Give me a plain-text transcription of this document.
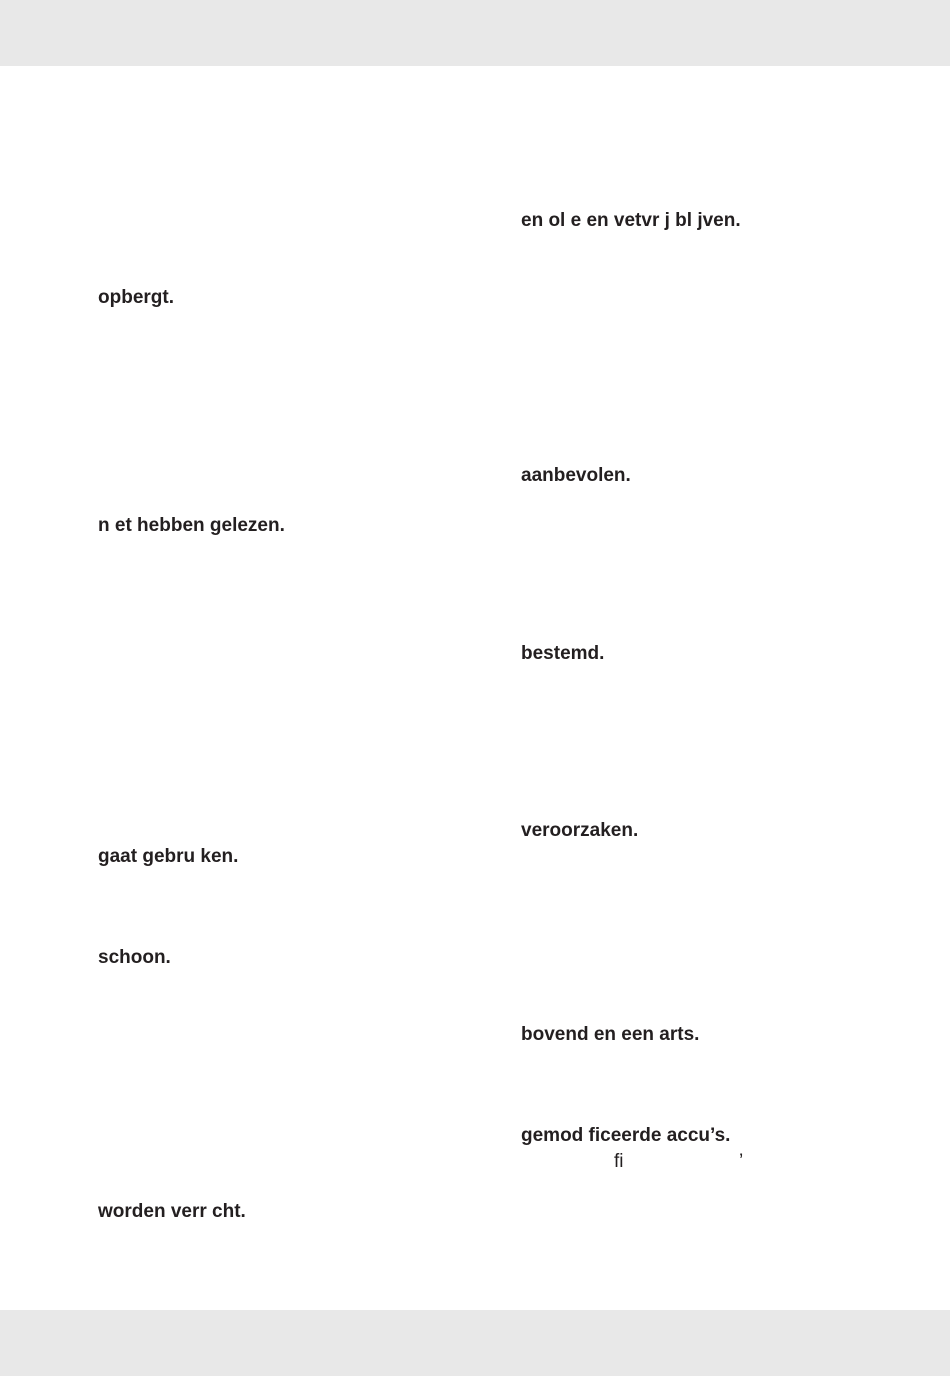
opbergt.

n et hebben gelezen.

gaat gebru ken.

schoon.

worden verr cht.

en ol e en vetvr j bl jven.

aanbevolen.

bestemd.

veroorzaken.

bovend en een arts.

gemod ficeerde accu’s.

fi	’
